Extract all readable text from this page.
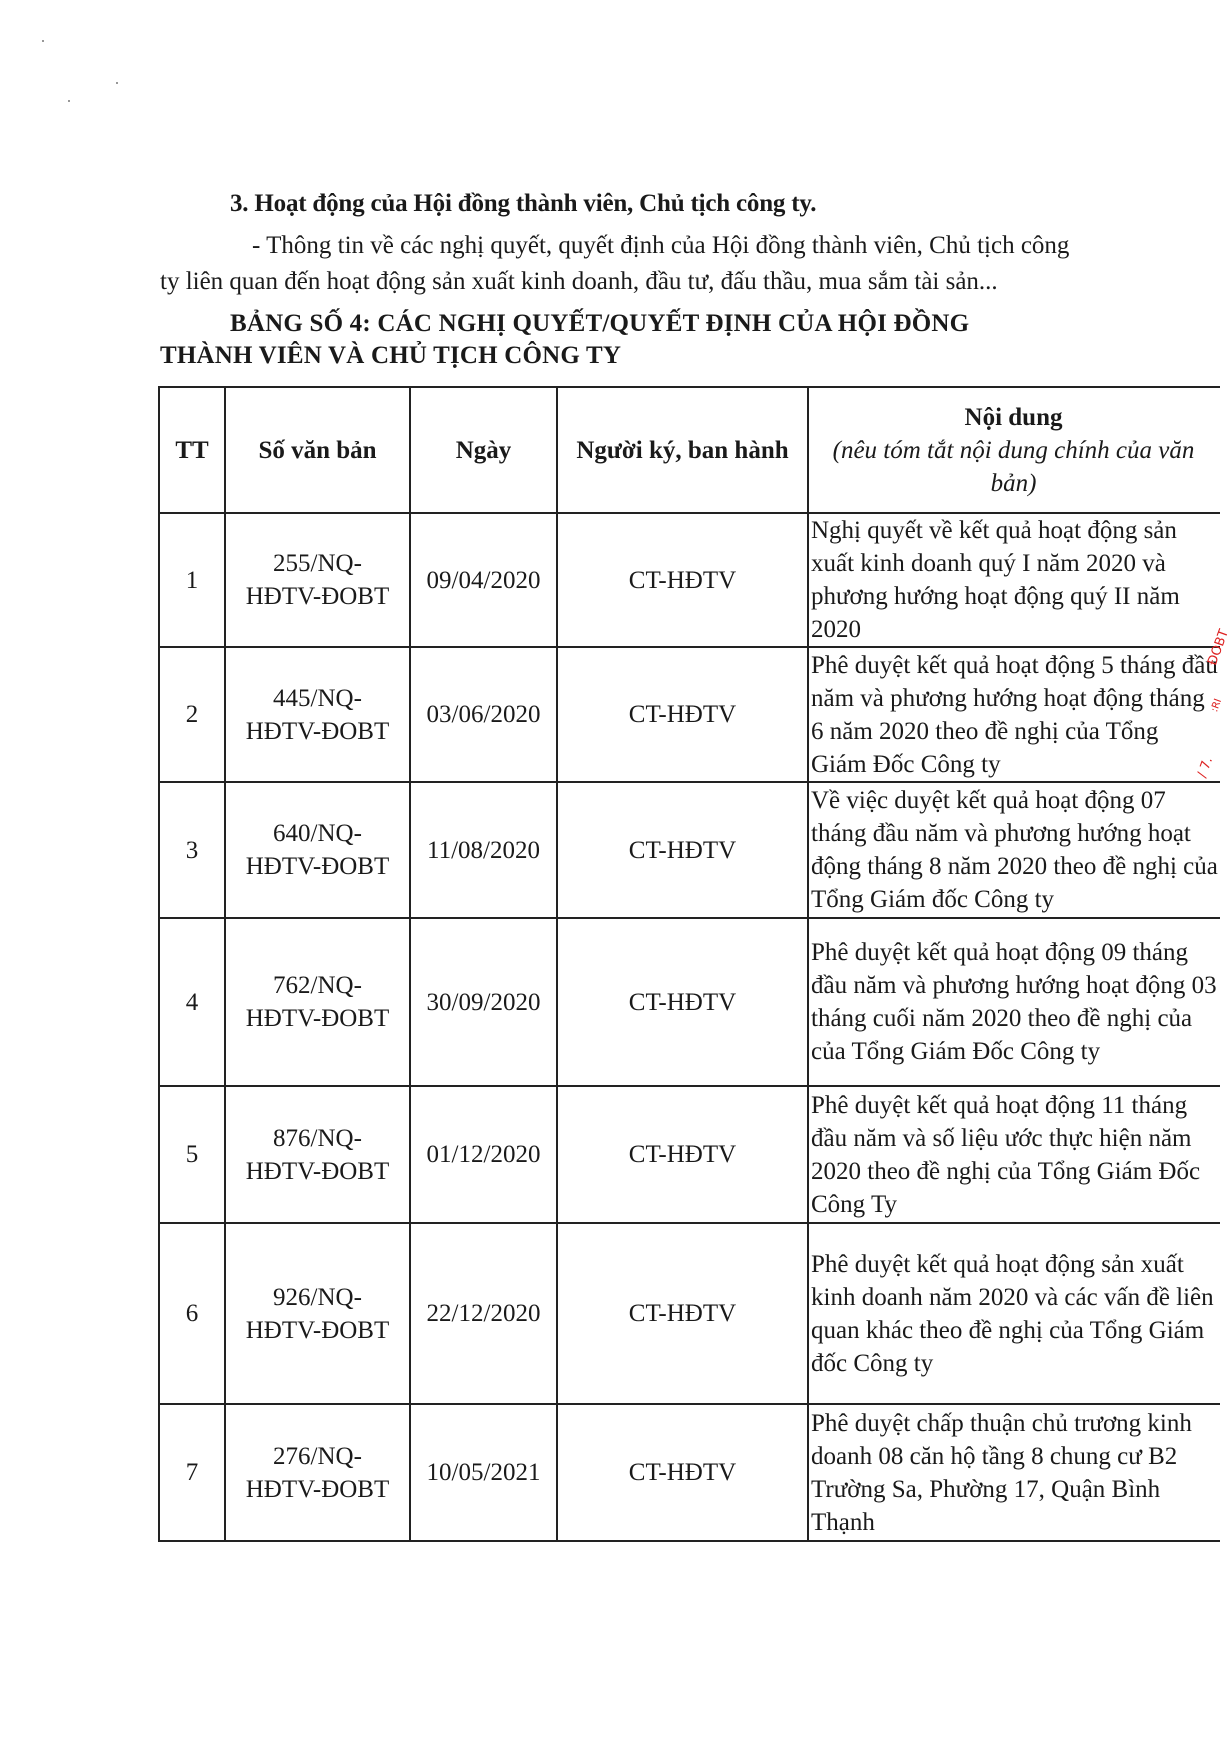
3. Hoạt động của Hội đồng thành viên, Chủ tịch công ty.
- Thông tin về các nghị quyết, quyết định của Hội đồng thành viên, Chủ tịch công
ty liên quan đến hoạt động sản xuất kinh doanh, đầu tư, đấu thầu, mua sắm tài sản...
BẢNG SỐ 4: CÁC NGHỊ QUYẾT/QUYẾT ĐỊNH CỦA HỘI ĐỒNG
THÀNH VIÊN VÀ CHỦ TỊCH CÔNG TY
TT	Số văn bản	Ngày	Người ký, ban hành	Nội dung
(nêu tóm tắt nội dung chính của văn bản)

1	255/NQ-
HĐTV-ĐOBT	09/04/2020	CT-HĐTV	Nghị quyết về kết quả hoạt động sản xuất kinh doanh quý I năm 2020 và phương hướng hoạt động quý II năm 2020
2	445/NQ-
HĐTV-ĐOBT	03/06/2020	CT-HĐTV	Phê duyệt kết quả hoạt động 5 tháng đầu năm và phương hướng hoạt động tháng 6 năm 2020 theo đề nghị của Tổng Giám Đốc Công ty
3	640/NQ-
HĐTV-ĐOBT	11/08/2020	CT-HĐTV	Về việc duyệt kết quả hoạt động 07 tháng đầu năm và phương hướng hoạt động tháng 8 năm 2020 theo đề nghị của Tổng Giám đốc Công ty
4	762/NQ-
HĐTV-ĐOBT	30/09/2020	CT-HĐTV	Phê duyệt kết quả hoạt động 09 tháng đầu năm và phương hướng hoạt động 03 tháng cuối năm 2020 theo đề nghị của của Tổng Giám Đốc Công ty
5	876/NQ-
HĐTV-ĐOBT	01/12/2020	CT-HĐTV	Phê duyệt kết quả hoạt động 11 tháng đầu năm và số liệu ước thực hiện năm 2020 theo đề nghị của Tổng Giám Đốc Công Ty
6	926/NQ-
HĐTV-ĐOBT	22/12/2020	CT-HĐTV	Phê duyệt kết quả hoạt động sản xuất kinh doanh năm 2020 và các vấn đề liên quan khác theo đề nghị của Tổng Giám đốc Công ty
7	276/NQ-
HĐTV-ĐOBT	10/05/2021	CT-HĐTV	Phê duyệt chấp thuận chủ trương kinh doanh 08 căn hộ tầng 8 chung cư B2 Trường Sa, Phường 17, Quận Bình Thạnh
ĐOBT
:RI
/ 7.
